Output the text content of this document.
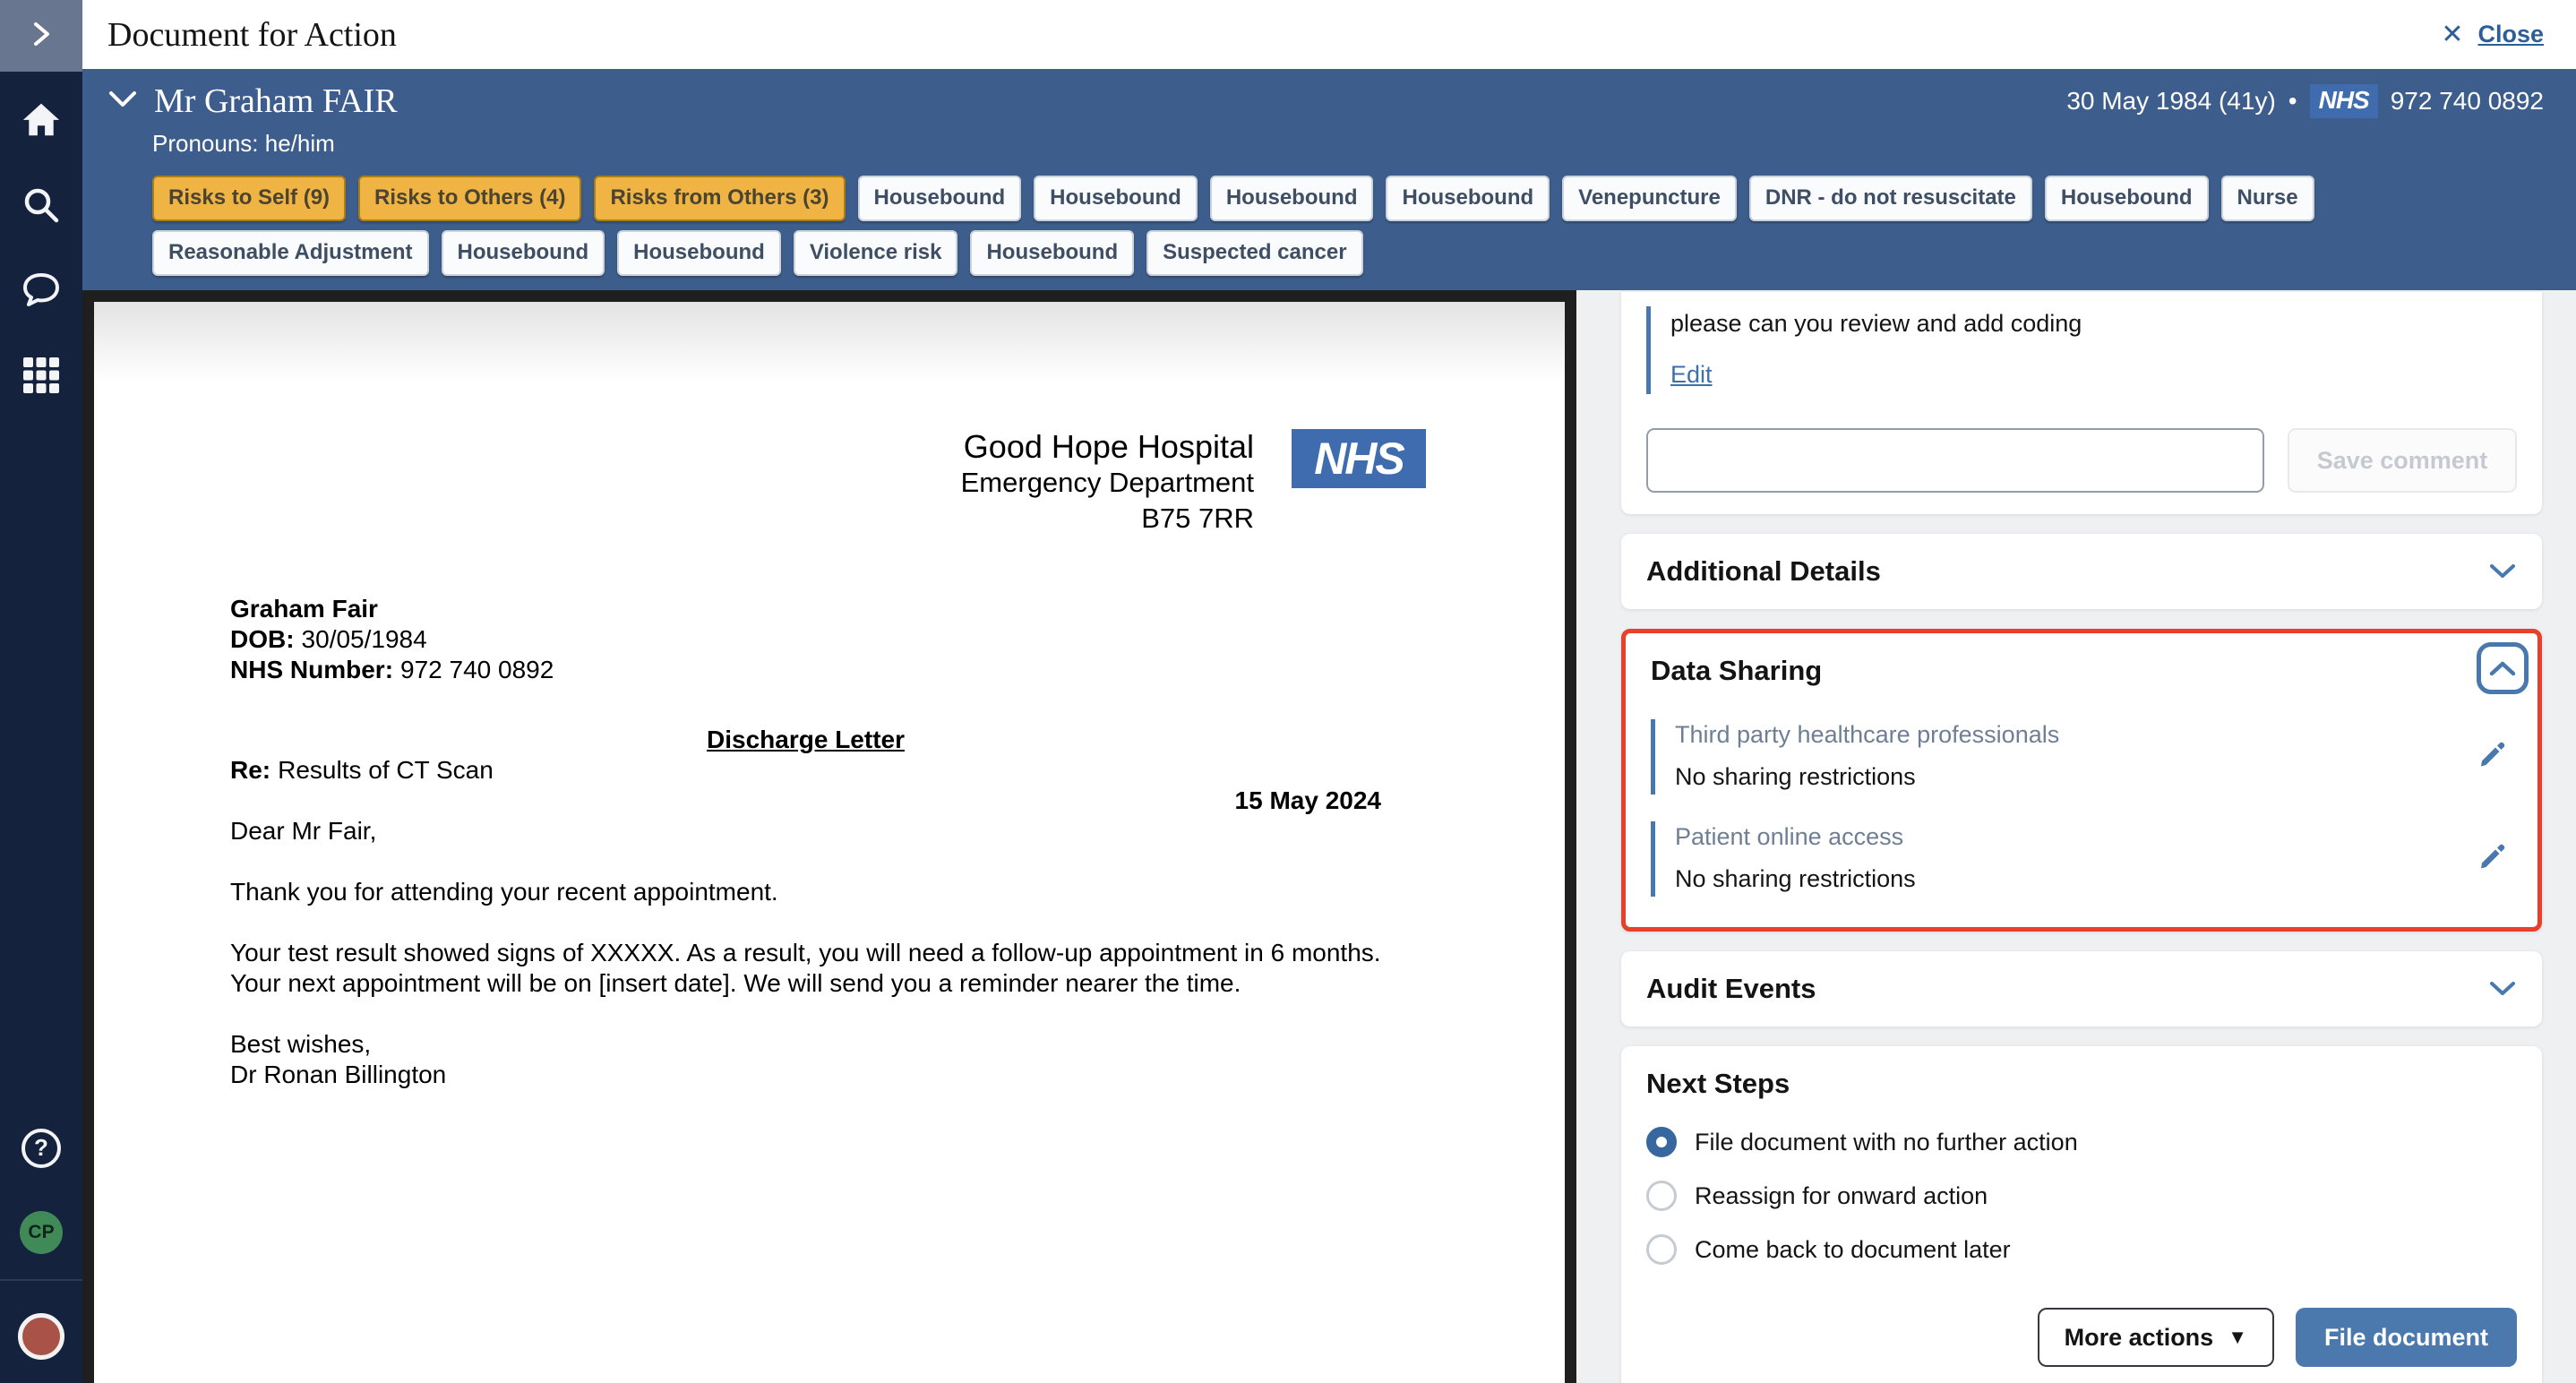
?
CP
Document for Action	✕ Close
Mr Graham FAIR	30 May 1984 (41y) • NHS 972 740 0892
Pronouns: he/him
Risks to Self (9)	Risks to Others (4)	Risks from Others (3)	Housebound	Housebound	Housebound	Housebound	Venepuncture	DNR - do not resuscitate	Housebound	Nurse
Reasonable Adjustment	Housebound	Housebound	Violence risk	Housebound	Suspected cancer
Good Hope Hospital
Emergency Department
B75 7RR
NHS
Graham Fair
DOB: 30/05/1984
NHS Number: 972 740 0892
Discharge Letter
Re: Results of CT Scan
15 May 2024
Dear Mr Fair,
Thank you for attending your recent appointment.
Your test result showed signs of XXXXX. As a result, you will need a follow-up appointment in 6 months. Your next appointment will be on [insert date]. We will send you a reminder nearer the time.
Best wishes,
Dr Ronan Billington
please can you review and add coding
Edit
Save comment
Additional Details
Data Sharing
Third party healthcare professionals
No sharing restrictions
Patient online access
No sharing restrictions
Audit Events
Next Steps
File document with no further action
Reassign for onward action
Come back to document later
More actions ▼	File document
